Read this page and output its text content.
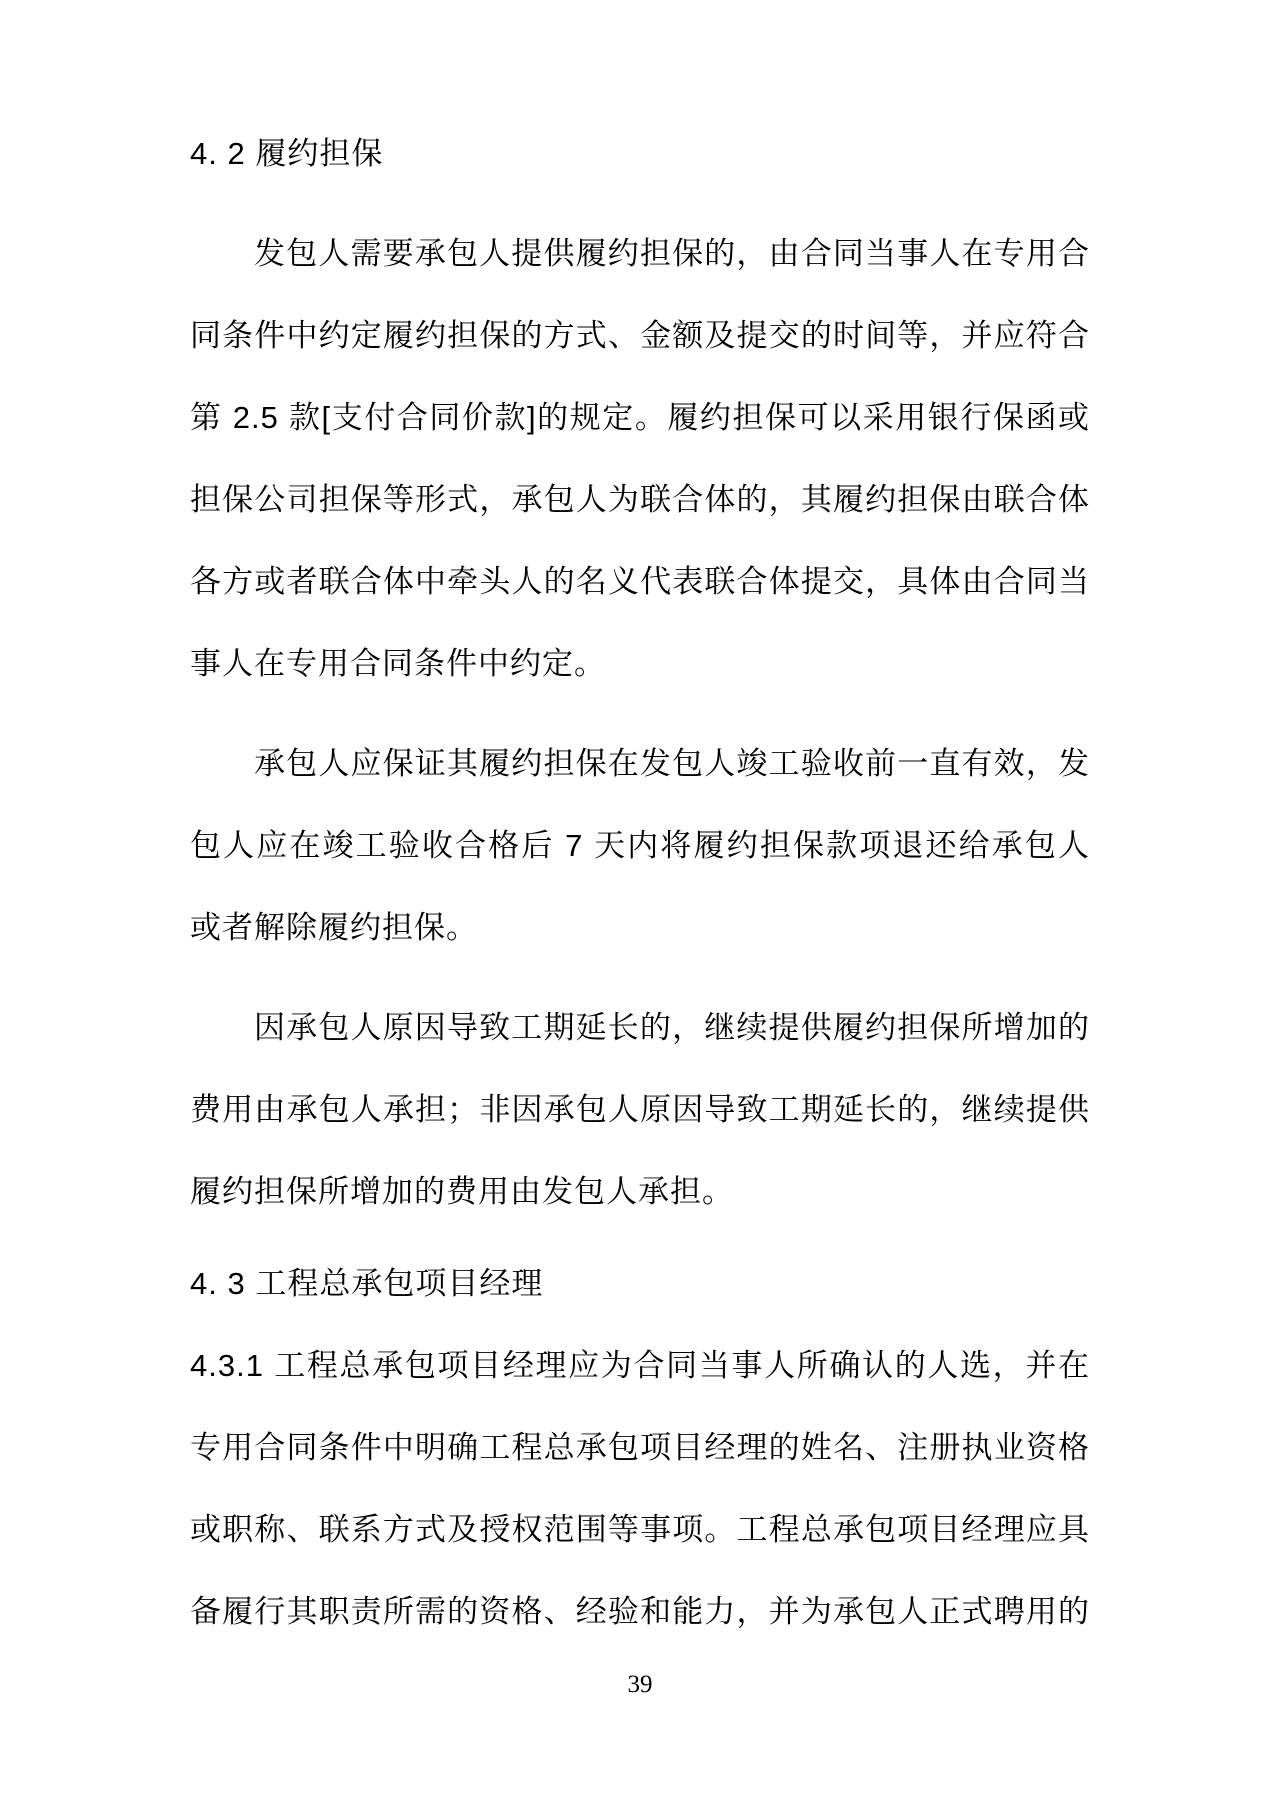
4. 2 履约担保
发包人需要承包人提供履约担保的，由合同当事人在专用合
同条件中约定履约担保的方式、金额及提交的时间等，并应符合
第 2.5 款[支付合同价款]的规定。履约担保可以采用银行保函或
担保公司担保等形式，承包人为联合体的，其履约担保由联合体
各方或者联合体中牵头人的名义代表联合体提交，具体由合同当
事人在专用合同条件中约定。
承包人应保证其履约担保在发包人竣工验收前一直有效，发
包人应在竣工验收合格后 7 天内将履约担保款项退还给承包人
或者解除履约担保。
因承包人原因导致工期延长的，继续提供履约担保所增加的
费用由承包人承担；非因承包人原因导致工期延长的，继续提供
履约担保所增加的费用由发包人承担。
4. 3 工程总承包项目经理
4.3.1 工程总承包项目经理应为合同当事人所确认的人选，并在
专用合同条件中明确工程总承包项目经理的姓名、注册执业资格
或职称、联系方式及授权范围等事项。工程总承包项目经理应具
备履行其职责所需的资格、经验和能力，并为承包人正式聘用的
39
